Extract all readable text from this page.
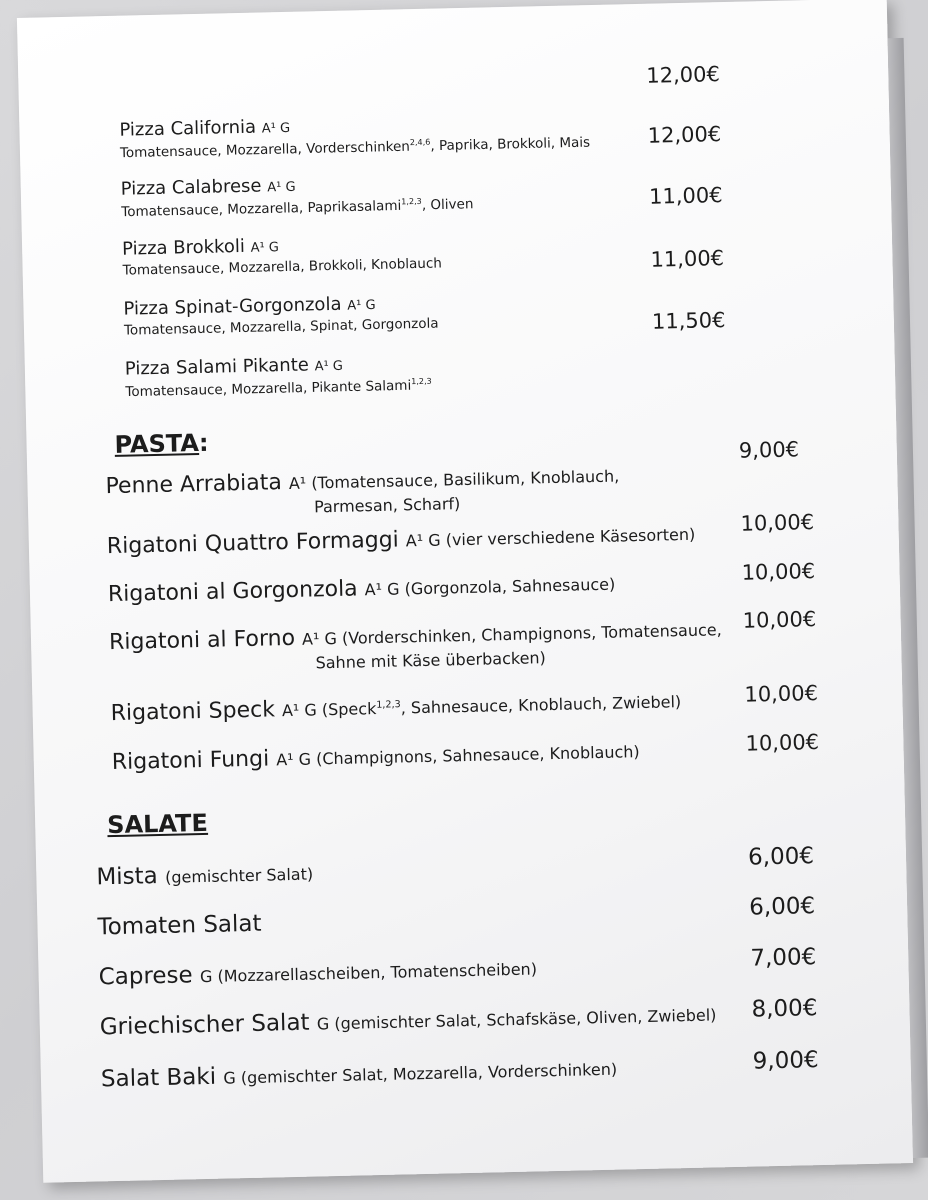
12,00€
Pizza California A¹ G
Tomatensauce, Mozzarella, Vorderschinken$^{2,4,6}$, Paprika, Brokkoli, Mais	12,00€
Pizza Calabrese A¹ G
Tomatensauce, Mozzarella, Paprikasalami$^{1,2,3}$, Oliven	11,00€
Pizza Brokkoli A¹ G
Tomatensauce, Mozzarella, Brokkoli, Knoblauch	11,00€
Pizza Spinat-Gorgonzola A¹ G
Tomatensauce, Mozzarella, Spinat, Gorgonzola	11,50€
Pizza Salami Pikante A¹ G
Tomatensauce, Mozzarella, Pikante Salami$^{1,2,3}$
PASTA:
Penne Arrabiata A¹ (Tomatensauce, Basilikum, Knoblauch,
Parmesan, Scharf)
9,00€
Rigatoni Quattro Formaggi A¹ G (vier verschiedene Käsesorten)
10,00€
Rigatoni al Gorgonzola A¹ G (Gorgonzola, Sahnesauce)
10,00€
Rigatoni al Forno A¹ G (Vorderschinken, Champignons, Tomatensauce,
Sahne mit Käse überbacken)
10,00€
Rigatoni Speck A¹ G (Speck$^{1,2,3}$, Sahnesauce, Knoblauch, Zwiebel)	10,00€
Rigatoni Fungi A¹ G (Champignons, Sahnesauce, Knoblauch)	10,00€
SALATE
Mista (gemischter Salat)
6,00€
Tomaten Salat
6,00€
Caprese G (Mozzarellascheiben, Tomatenscheiben)
7,00€
Griechischer Salat G (gemischter Salat, Schafskäse, Oliven, Zwiebel) 8,00€
Salat Baki G (gemischter Salat, Mozzarella, Vorderschinken)	9,00€
